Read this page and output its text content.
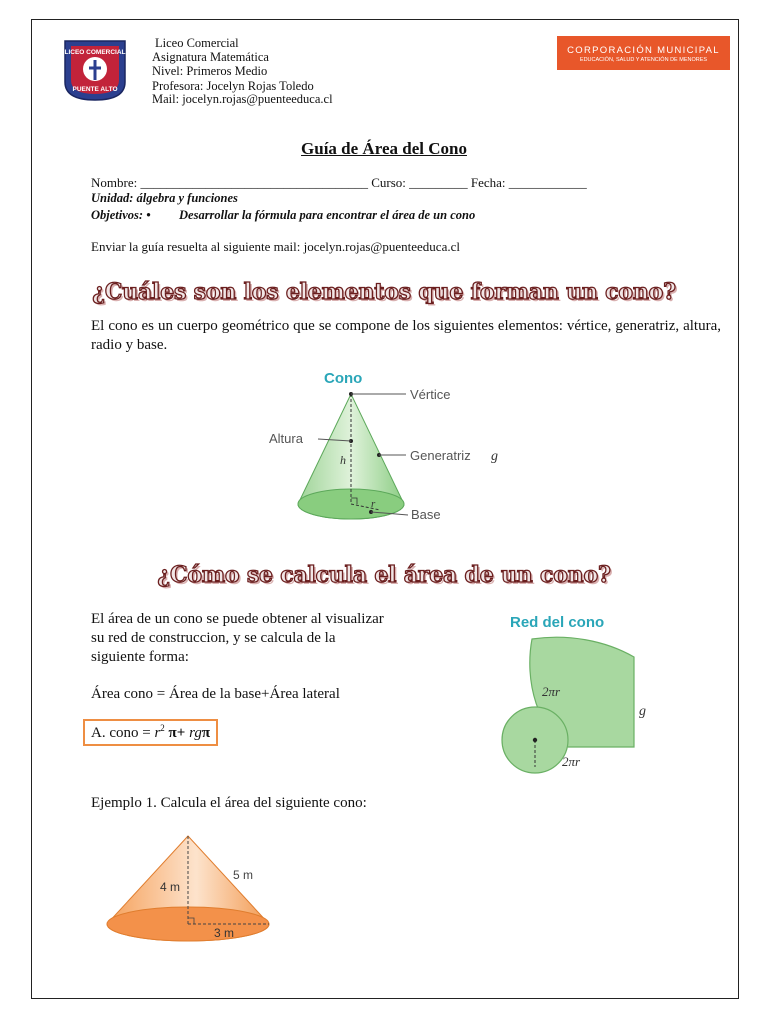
LICEO COMERCIAL
PUENTE ALTO
Liceo Comercial
Asignatura Matemática
Nivel: Primeros Medio
Profesora: Jocelyn Rojas Toledo
Mail: jocelyn.rojas@puenteeduca.cl
CORPORACIÓN MUNICIPAL
EDUCACIÓN, SALUD Y ATENCIÓN DE MENORES
Guía de Área del Cono
Nombre: ___________________________________ Curso: _________ Fecha: ____________
Unidad: álgebra y funciones
Objetivos: • Desarrollar la fórmula para encontrar el área de un cono
Enviar la guía resuelta al siguiente mail: jocelyn.rojas@puenteeduca.cl
¿Cuáles son los elementos que forman un cono?
El cono es un cuerpo geométrico que se compone de los siguientes elementos: vértice, generatriz, altura, radio y base.
Cono
Vértice
Altura
h	Generatriz g
r
Base
¿Cómo se calcula el área de un cono?
El área de un cono se puede obtener al visualizar su red de construccion, y se calcula de la siguiente forma:
Área cono = Área de la base+Área lateral
A. cono = $r^2$ π+ rgπ
Red del cono
2πr
g
2πr
Ejemplo 1. Calcula el área del siguiente cono:
4 m
5 m
3 m
